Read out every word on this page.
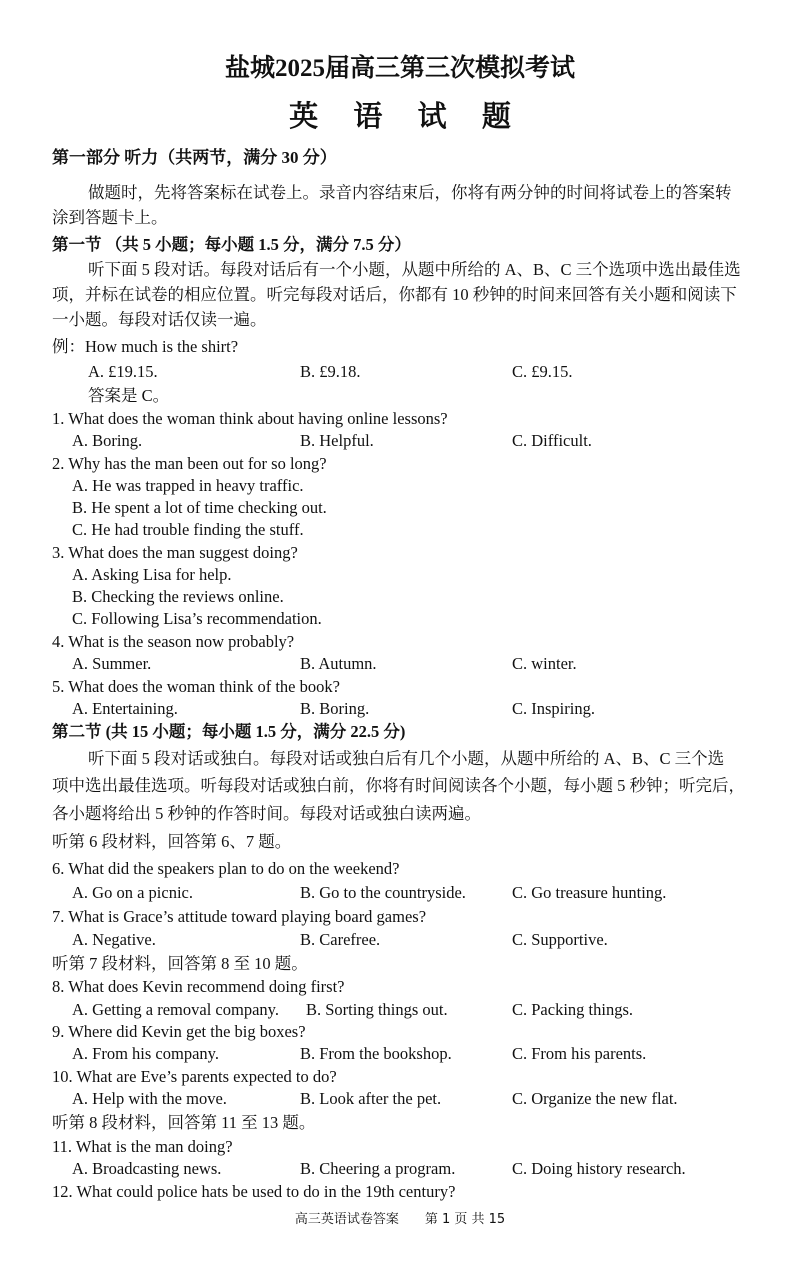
盐城2025届高三第三次模拟考试
英 语 试 题
第一部分 听力（共两节，满分 30 分）
做题时，先将答案标在试卷上。录音内容结束后，你将有两分钟的时间将试卷上的答案转
涂到答题卡上。
第一节 （共 5 小题；每小题 1.5 分，满分 7.5 分）
听下面 5 段对话。每段对话后有一个小题，从题中所给的 A、B、C 三个选项中选出最佳选
项，并标在试卷的相应位置。听完每段对话后，你都有 10 秒钟的时间来回答有关小题和阅读下
一小题。每段对话仅读一遍。
例：How much is the shirt?
A. £19.15.	B. £9.18.	C. £9.15.
答案是 C。
1. What does the woman think about having online lessons?
A. Boring.	B. Helpful.	C. Difficult.
2. Why has the man been out for so long?
A. He was trapped in heavy traffic.
B. He spent a lot of time checking out.
C. He had trouble finding the stuff.
3. What does the man suggest doing?
A. Asking Lisa for help.
B. Checking the reviews online.
C. Following Lisa’s recommendation.
4. What is the season now probably?
A. Summer.	B. Autumn.	C. winter.
5. What does the woman think of the book?
A. Entertaining.	B. Boring.	C. Inspiring.
第二节 (共 15 小题；每小题 1.5 分，满分 22.5 分)
听下面 5 段对话或独白。每段对话或独白后有几个小题，从题中所给的 A、B、C 三个选
项中选出最佳选项。听每段对话或独白前，你将有时间阅读各个小题，每小题 5 秒钟；听完后，
各小题将给出 5 秒钟的作答时间。每段对话或独白读两遍。
听第 6 段材料，回答第 6、7 题。
6. What did the speakers plan to do on the weekend?
A. Go on a picnic.	B. Go to the countryside.	C. Go treasure hunting.
7. What is Grace’s attitude toward playing board games?
A. Negative.	B. Carefree.	C. Supportive.
听第 7 段材料，回答第 8 至 10 题。
8. What does Kevin recommend doing first?
A. Getting a removal company.	B. Sorting things out.	C. Packing things.
9. Where did Kevin get the big boxes?
A. From his company.	B. From the bookshop.	C. From his parents.
10. What are Eve’s parents expected to do?
A. Help with the move.	B. Look after the pet.	C. Organize the new flat.
听第 8 段材料，回答第 11 至 13 题。
11. What is the man doing?
A. Broadcasting news.	B. Cheering a program.	C. Doing history research.
12. What could police hats be used to do in the 19th century?
高三英语试卷答案　　第 1 页 共 15
